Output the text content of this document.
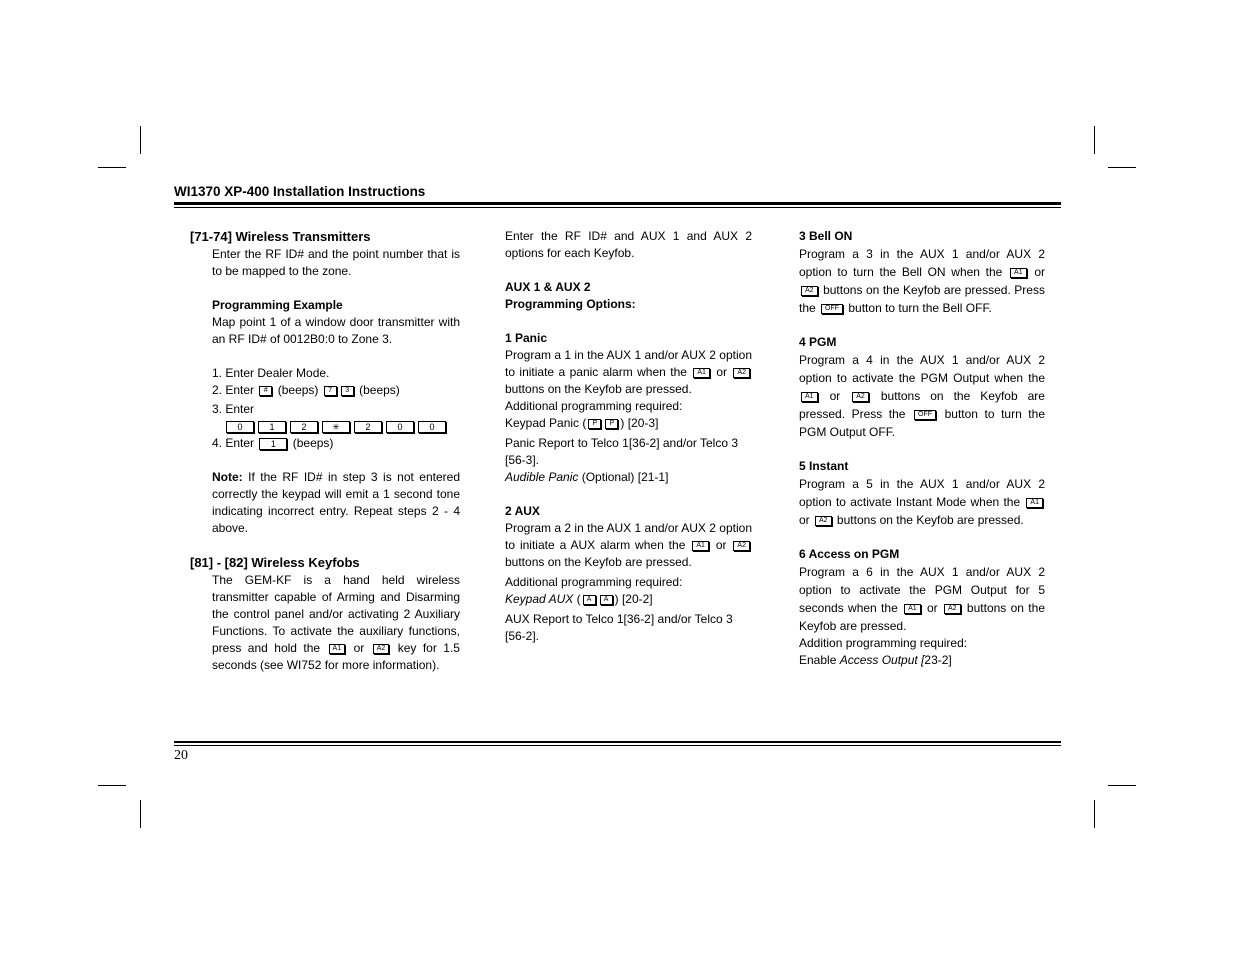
WI1370 XP-400 Installation Instructions

[71-74] Wireless Transmitters

Enter the RF ID# and the point number that is to be mapped to the zone.

Programming Example

Map point 1 of a window door transmitter with an RF ID# of 0012B0:0 to Zone 3.

1. Enter Dealer Mode.

2. Enter # (beeps) 7 3 (beeps)

3. Enter

0	1	2	✳	2	0	0

4. Enter 1 (beeps)

Note: If the RF ID# in step 3 is not entered correctly the keypad will emit a 1 second tone indicating incorrect entry. Repeat steps 2 - 4 above.

[81] - [82] Wireless Keyfobs

The GEM-KF is a hand held wireless transmitter capable of Arming and Disarming the control panel and/or activating 2 Auxiliary Functions. To activate the auxiliary functions, press and hold the A1 or A2 key for 1.5 seconds (see WI752 for more information).

Enter the RF ID# and AUX 1 and AUX 2 options for each Keyfob.

AUX 1 & AUX 2

Programming Options:

1 Panic

Program a 1 in the AUX 1 and/or AUX 2 option to initiate a panic alarm when the A1 or A2 buttons on the Keyfob are pressed.

Additional programming required:

Keypad Panic ( P P ) [20-3]

Panic Report to Telco 1[36-2] and/or Telco 3 [56-3].

Audible Panic (Optional) [21-1]

2 AUX

Program a 2 in the AUX 1 and/or AUX 2 option to initiate a AUX alarm when the A1 or A2 buttons on the Keyfob are pressed.

Additional programming required:

Keypad AUX ( A A ) [20-2]

AUX Report to Telco 1[36-2] and/or Telco 3 [56-2].

3 Bell ON

Program a 3 in the AUX 1 and/or AUX 2 option to turn the Bell ON when the A1 or A2 buttons on the Keyfob are pressed. Press the OFF button to turn the Bell OFF.

4 PGM

Program a 4 in the AUX 1 and/or AUX 2 option to activate the PGM Output when the A1 or A2 buttons on the Keyfob are pressed. Press the OFF button to turn the PGM Output OFF.

5 Instant

Program a 5 in the AUX 1 and/or AUX 2 option to activate Instant Mode when the A1 or A2 buttons on the Keyfob are pressed.

6 Access on PGM

Program a 6 in the AUX 1 and/or AUX 2 option to activate the PGM Output for 5 seconds when the A1 or A2 buttons on the Keyfob are pressed.

Addition programming required:

Enable Access Output [23-2]

20
